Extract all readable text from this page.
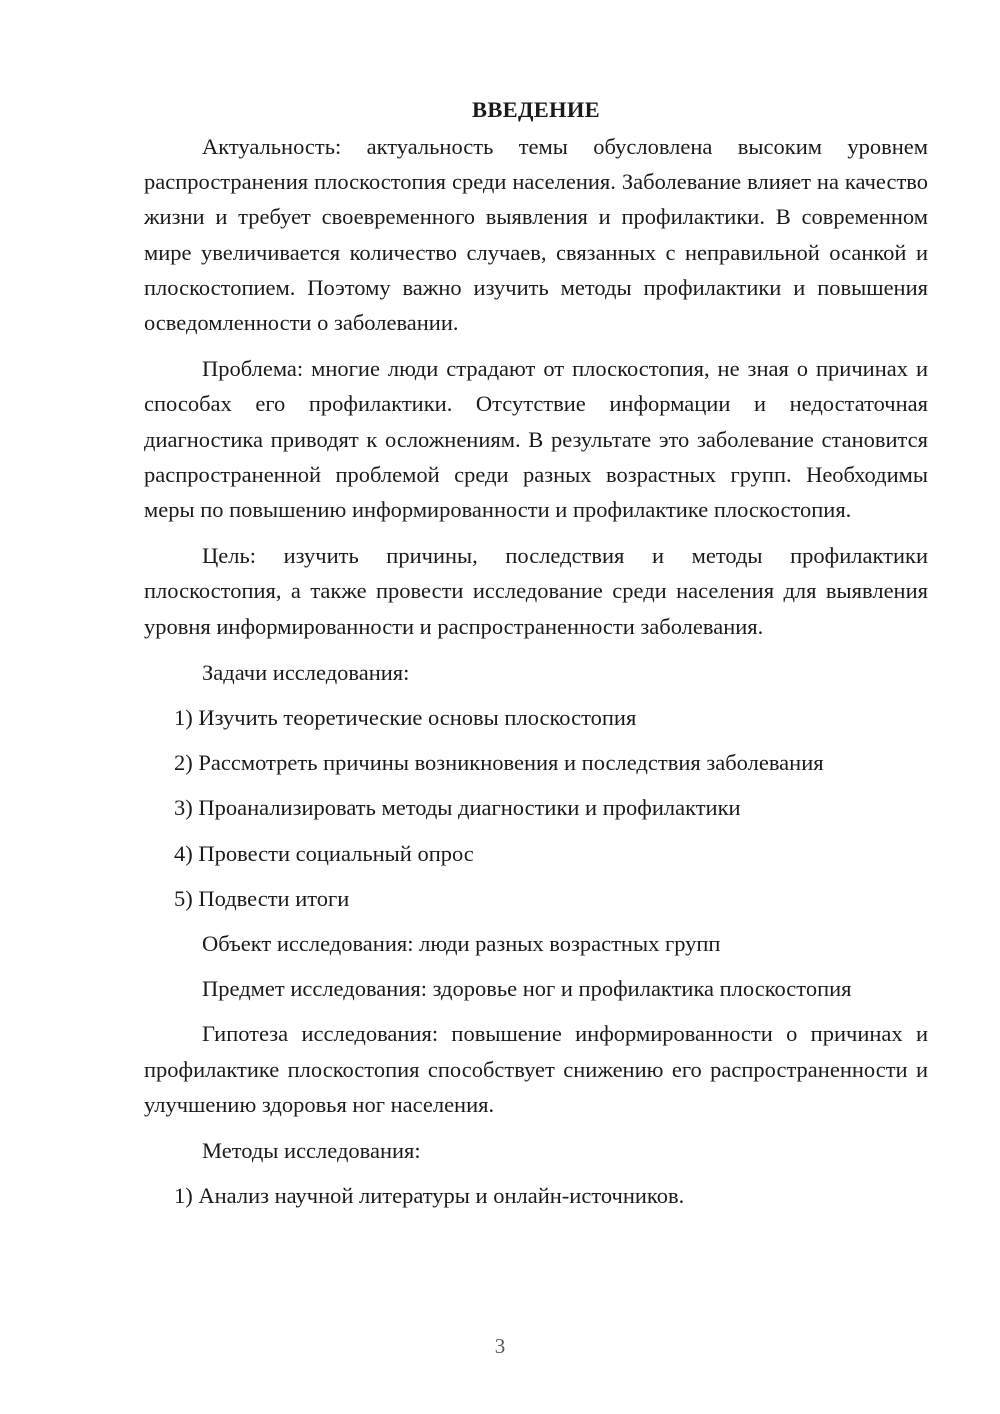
ВВЕДЕНИЕ

Актуальность: актуальность темы обусловлена высоким уровнем распространения плоскостопия среди населения. Заболевание влияет на качество жизни и требует своевременного выявления и профилактики. В современном мире увеличивается количество случаев, связанных с неправильной осанкой и плоскостопием. Поэтому важно изучить методы профилактики и повышения осведомленности о заболевании.

Проблема: многие люди страдают от плоскостопия, не зная о причинах и способах его профилактики. Отсутствие информации и недостаточная диагностика приводят к осложнениям. В результате это заболевание становится распространенной проблемой среди разных возрастных групп. Необходимы меры по повышению информированности и профилактике плоскостопия.

Цель: изучить причины, последствия и методы профилактики плоскостопия, а также провести исследование среди населения для выявления уровня информированности и распространенности заболевания.

Задачи исследования:
1) Изучить теоретические основы плоскостопия
2) Рассмотреть причины возникновения и последствия заболевания
3) Проанализировать методы диагностики и профилактики
4) Провести социальный опрос
5) Подвести итоги
Объект исследования: люди разных возрастных групп
Предмет исследования: здоровье ног и профилактика плоскостопия

Гипотеза исследования: повышение информированности о причинах и профилактике плоскостопия способствует снижению его распространенности и улучшению здоровья ног населения.

Методы исследования:
1) Анализ научной литературы и онлайн-источников.
3
